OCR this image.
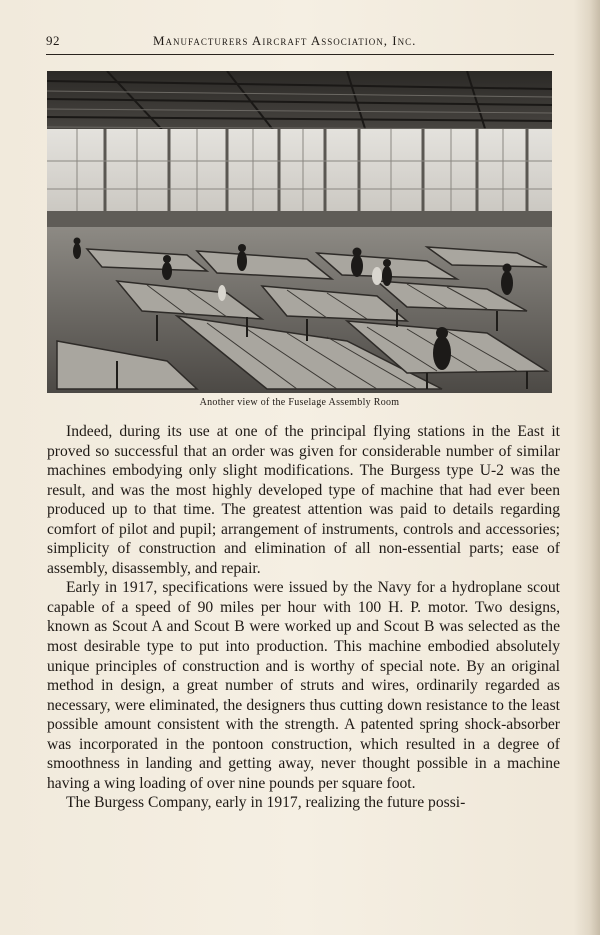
92	Manufacturers Aircraft Association, Inc.
Another view of the Fuselage Assembly Room

Indeed, during its use at one of the principal flying stations in the East it proved so successful that an order was given for considerable number of similar machines embodying only slight modifications. The Burgess type U-2 was the result, and was the most highly developed type of machine that had ever been produced up to that time. The greatest attention was paid to details regarding comfort of pilot and pupil; arrangement of instruments, controls and accessories; simplicity of construction and elimination of all non-essential parts; ease of assembly, disassembly, and repair.

Early in 1917, specifications were issued by the Navy for a hydroplane scout capable of a speed of 90 miles per hour with 100 H. P. motor. Two designs, known as Scout A and Scout B were worked up and Scout B was selected as the most desirable type to put into production. This machine embodied absolutely unique principles of construction and is worthy of special note. By an original method in design, a great number of struts and wires, ordinarily regarded as necessary, were eliminated, the designers thus cutting down resistance to the least possible amount consistent with the strength. A patented spring shock-absorber was incorporated in the pontoon construction, which resulted in a degree of smoothness in landing and getting away, never thought possible in a machine having a wing loading of over nine pounds per square foot.

The Burgess Company, early in 1917, realizing the future possi-
